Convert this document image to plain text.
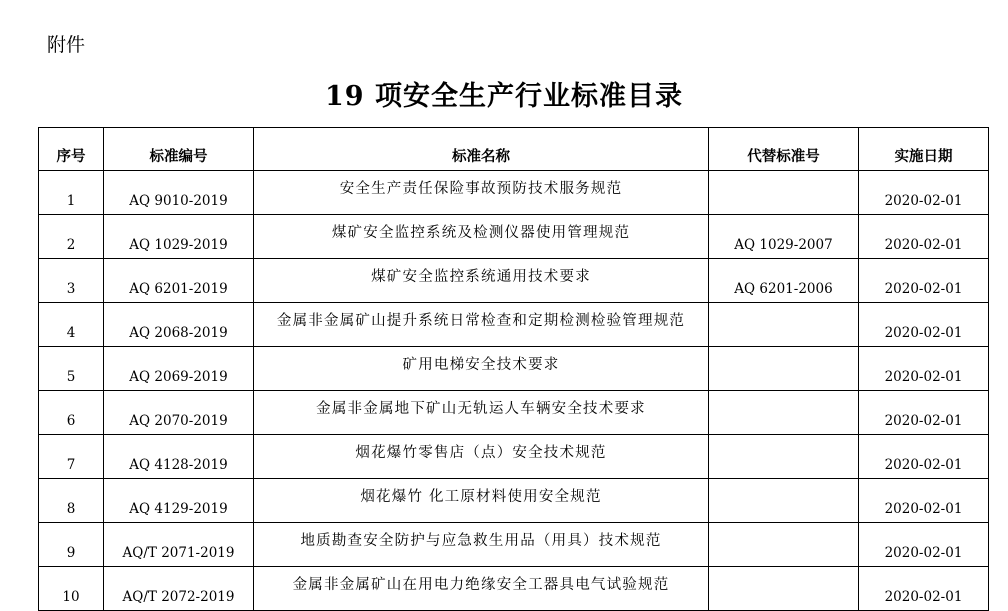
附件
19 项安全生产行业标准目录
序号	标准编号	标准名称	代替标准号	实施日期
1	AQ 9010-2019	安全生产责任保险事故预防技术服务规范		2020-02-01
2	AQ 1029-2019	煤矿安全监控系统及检测仪器使用管理规范	AQ 1029-2007	2020-02-01
3	AQ 6201-2019	煤矿安全监控系统通用技术要求	AQ 6201-2006	2020-02-01
4	AQ 2068-2019	金属非金属矿山提升系统日常检查和定期检测检验管理规范		2020-02-01
5	AQ 2069-2019	矿用电梯安全技术要求		2020-02-01
6	AQ 2070-2019	金属非金属地下矿山无轨运人车辆安全技术要求		2020-02-01
7	AQ 4128-2019	烟花爆竹零售店（点）安全技术规范		2020-02-01
8	AQ 4129-2019	烟花爆竹 化工原材料使用安全规范		2020-02-01
9	AQ/T 2071-2019	地质勘查安全防护与应急救生用品（用具）技术规范		2020-02-01
10	AQ/T 2072-2019	金属非金属矿山在用电力绝缘安全工器具电气试验规范		2020-02-01
